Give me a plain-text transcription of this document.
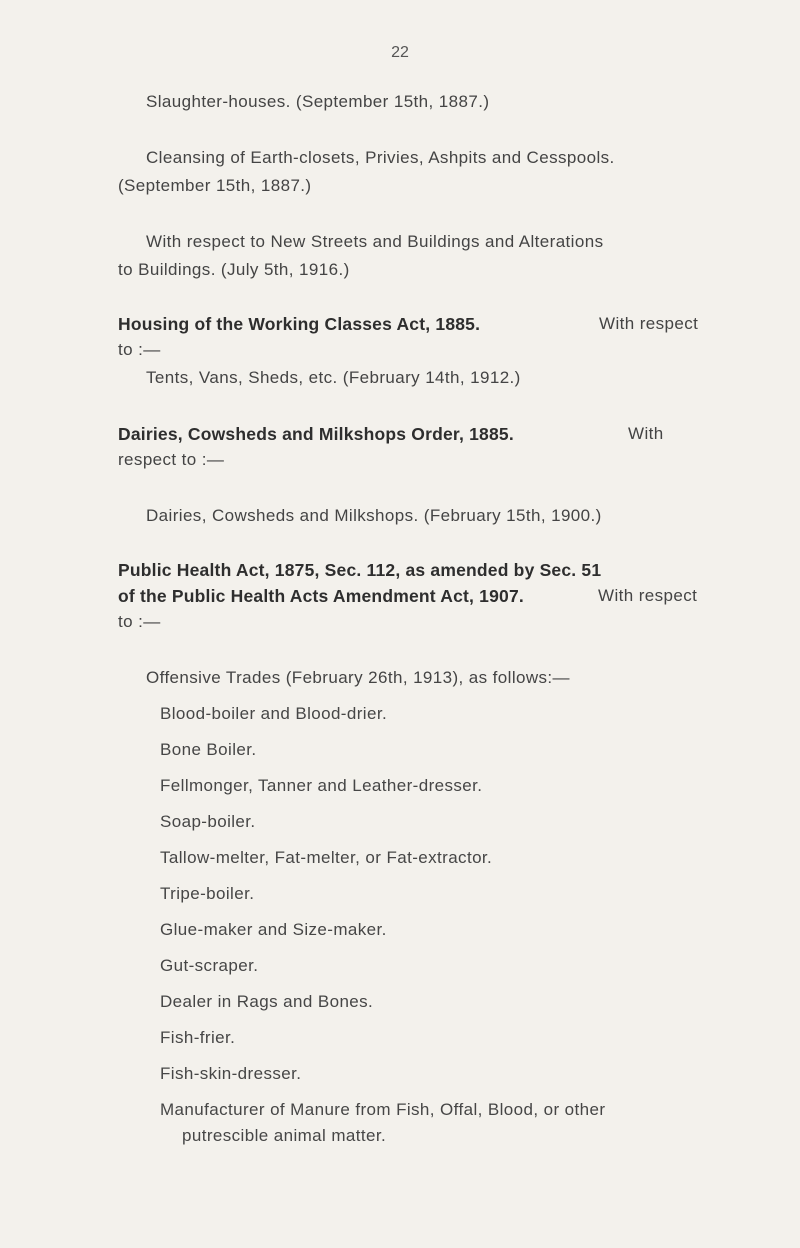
22
Slaughter-houses. (September 15th, 1887.)
Cleansing of Earth-closets, Privies, Ashpits and Cesspools.
(September 15th, 1887.)
With respect to New Streets and Buildings and Alterations
to Buildings. (July 5th, 1916.)
Housing of the Working Classes Act, 1885.	With respect
to :—
Tents, Vans, Sheds, etc. (February 14th, 1912.)
Dairies, Cowsheds and Milkshops Order, 1885.	With
respect to :—
Dairies, Cowsheds and Milkshops. (February 15th, 1900.)
Public Health Act, 1875, Sec. 112, as amended by Sec. 51
of the Public Health Acts Amendment Act, 1907.	With respect
to :—
Offensive Trades (February 26th, 1913), as follows:—
Blood-boiler and Blood-drier.
Bone Boiler.
Fellmonger, Tanner and Leather-dresser.
Soap-boiler.
Tallow-melter, Fat-melter, or Fat-extractor.
Tripe-boiler.
Glue-maker and Size-maker.
Gut-scraper.
Dealer in Rags and Bones.
Fish-frier.
Fish-skin-dresser.
Manufacturer of Manure from Fish, Offal, Blood, or other
putrescible animal matter.
